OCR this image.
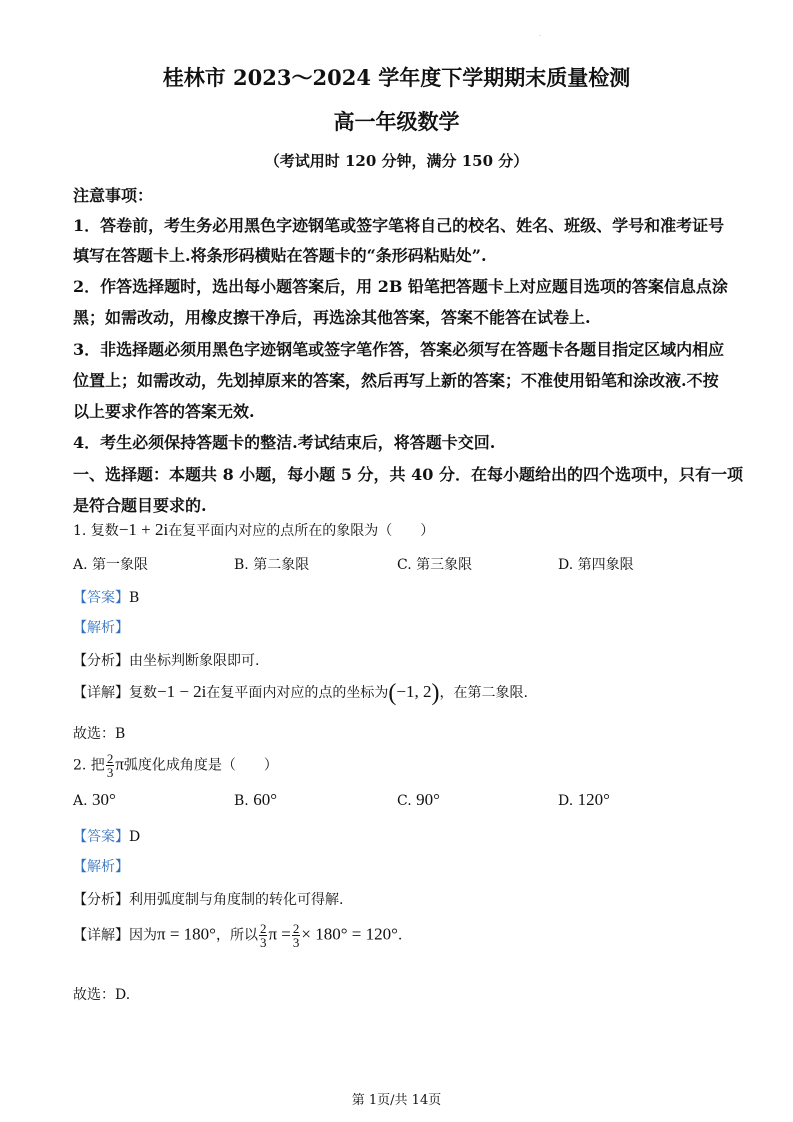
·
桂林市 2023～2024 学年度下学期期末质量检测
高一年级数学
（考试用时 120 分钟，满分 150 分）
注意事项：
1．答卷前，考生务必用黑色字迹钢笔或签字笔将自己的校名、姓名、班级、学号和准考证号
填写在答题卡上.将条形码横贴在答题卡的“条形码粘贴处”.
2．作答选择题时，选出每小题答案后，用 2B 铅笔把答题卡上对应题目选项的答案信息点涂
黑；如需改动，用橡皮擦干净后，再选涂其他答案，答案不能答在试卷上.
3．非选择题必须用黑色字迹钢笔或签字笔作答，答案必须写在答题卡各题目指定区域内相应
位置上；如需改动，先划掉原来的答案，然后再写上新的答案；不准使用铅笔和涂改液.不按
以上要求作答的答案无效.
4．考生必须保持答题卡的整洁.考试结束后，将答题卡交回.
一、选择题：本题共 8 小题，每小题 5 分，共 40 分．在每小题给出的四个选项中，只有一项
是符合题目要求的.
1. 复数−1 + 2i在复平面内对应的点所在的象限为（　　）
A. 第一象限	B. 第二象限	C. 第三象限	D. 第四象限
【答案】B
【解析】
【分析】由坐标判断象限即可.
【详解】复数−1 − 2i在复平面内对应的点的坐标为(−1, 2)，在第二象限.
故选：B
2. 把 $\frac{2}{3}$ π弧度化成角度是（　　）
A. 30°	B. 60°	C. 90°	D. 120°
【答案】D
【解析】
【分析】利用弧度制与角度制的转化可得解.
【详解】因为π = 180°，所以 $\frac{2}{3}$ $\pi = \frac{2}{3} \times 180^\circ = 120^\circ$.
故选：D.
第 1页/共 14页
